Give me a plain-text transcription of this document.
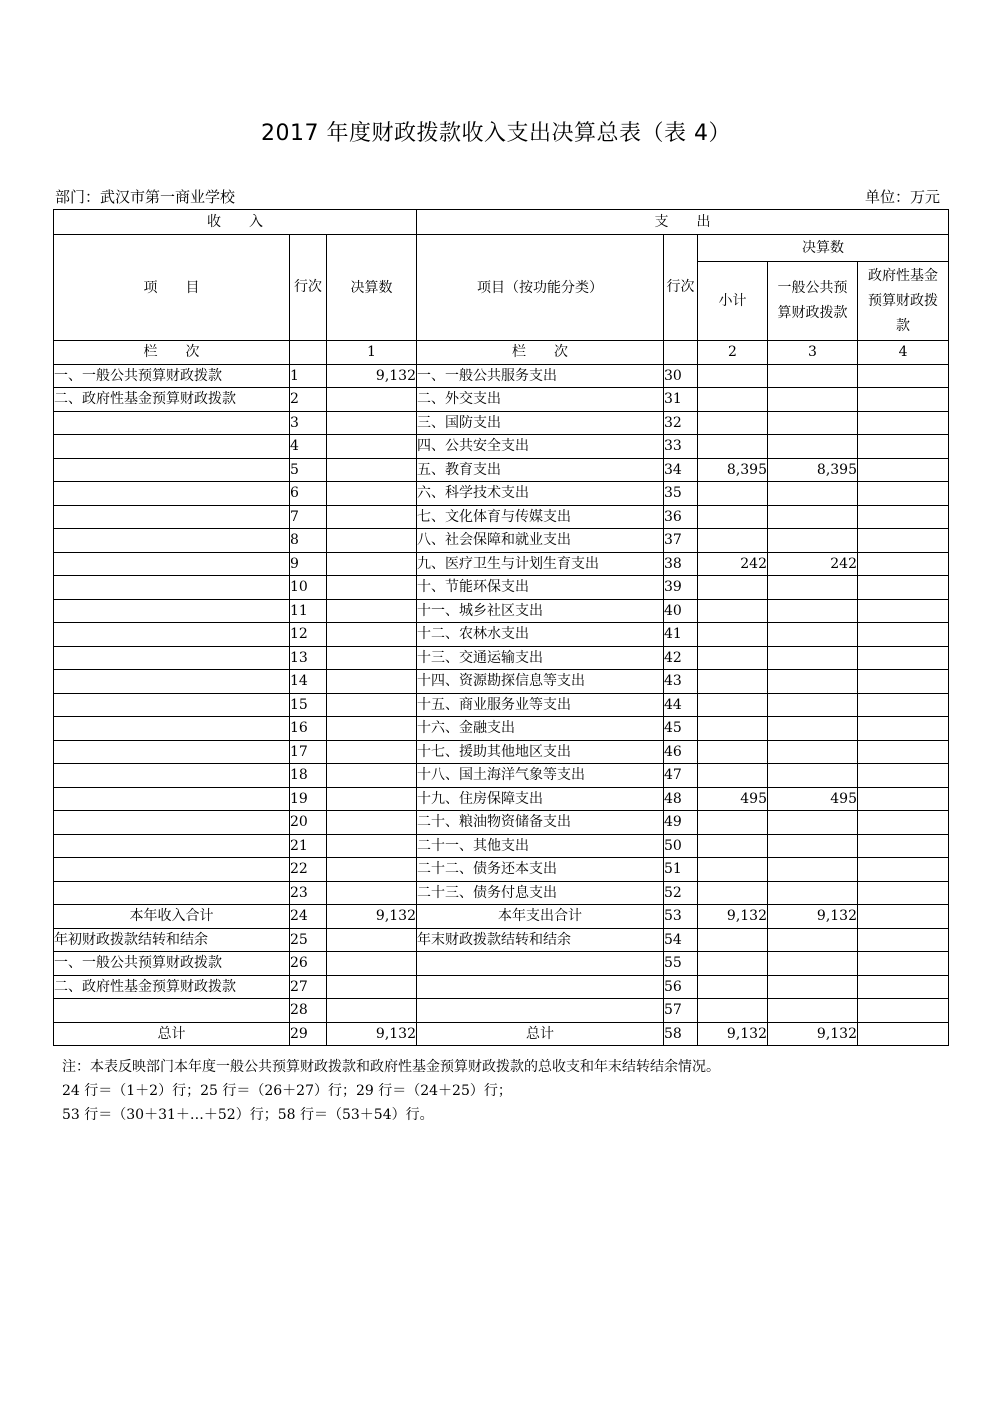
2017 年度财政拨款收入支出决算总表（表 4）
部门：武汉市第一商业学校	单位：万元
收　　入			支　　出				
项　　目	行次	决算数	项目（按功能分类）	行次	决算数		
					小计	一般公共预算财政拨款	政府性基金预算财政拨款
栏　　次		1	栏　　次		2	3	4
一、一般公共预算财政拨款	1	9,132	一、一般公共服务支出	30			
二、政府性基金预算财政拨款	2		二、外交支出	31			
	3		三、国防支出	32			
	4		四、公共安全支出	33			
	5		五、教育支出	34	8,395	8,395	
	6		六、科学技术支出	35			
	7		七、文化体育与传媒支出	36			
	8		八、社会保障和就业支出	37			
	9		九、医疗卫生与计划生育支出	38	242	242	
	10		十、节能环保支出	39			
	11		十一、城乡社区支出	40			
	12		十二、农林水支出	41			
	13		十三、交通运输支出	42			
	14		十四、资源勘探信息等支出	43			
	15		十五、商业服务业等支出	44			
	16		十六、金融支出	45			
	17		十七、援助其他地区支出	46			
	18		十八、国土海洋气象等支出	47			
	19		十九、住房保障支出	48	495	495	
	20		二十、粮油物资储备支出	49			
	21		二十一、其他支出	50			
	22		二十二、债务还本支出	51			
	23		二十三、债务付息支出	52			
本年收入合计	24	9,132	本年支出合计	53	9,132	9,132	
年初财政拨款结转和结余	25		年末财政拨款结转和结余	54			
一、一般公共预算财政拨款	26			55			
二、政府性基金预算财政拨款	27			56			
	28			57			
总计	29	9,132	总计	58	9,132	9,132	
注：本表反映部门本年度一般公共预算财政拨款和政府性基金预算财政拨款的总收支和年末结转结余情况。
24 行＝（1＋2）行；25 行＝（26＋27）行；29 行＝（24＋25）行；
53 行＝（30＋31＋…＋52）行；58 行＝（53＋54）行。
